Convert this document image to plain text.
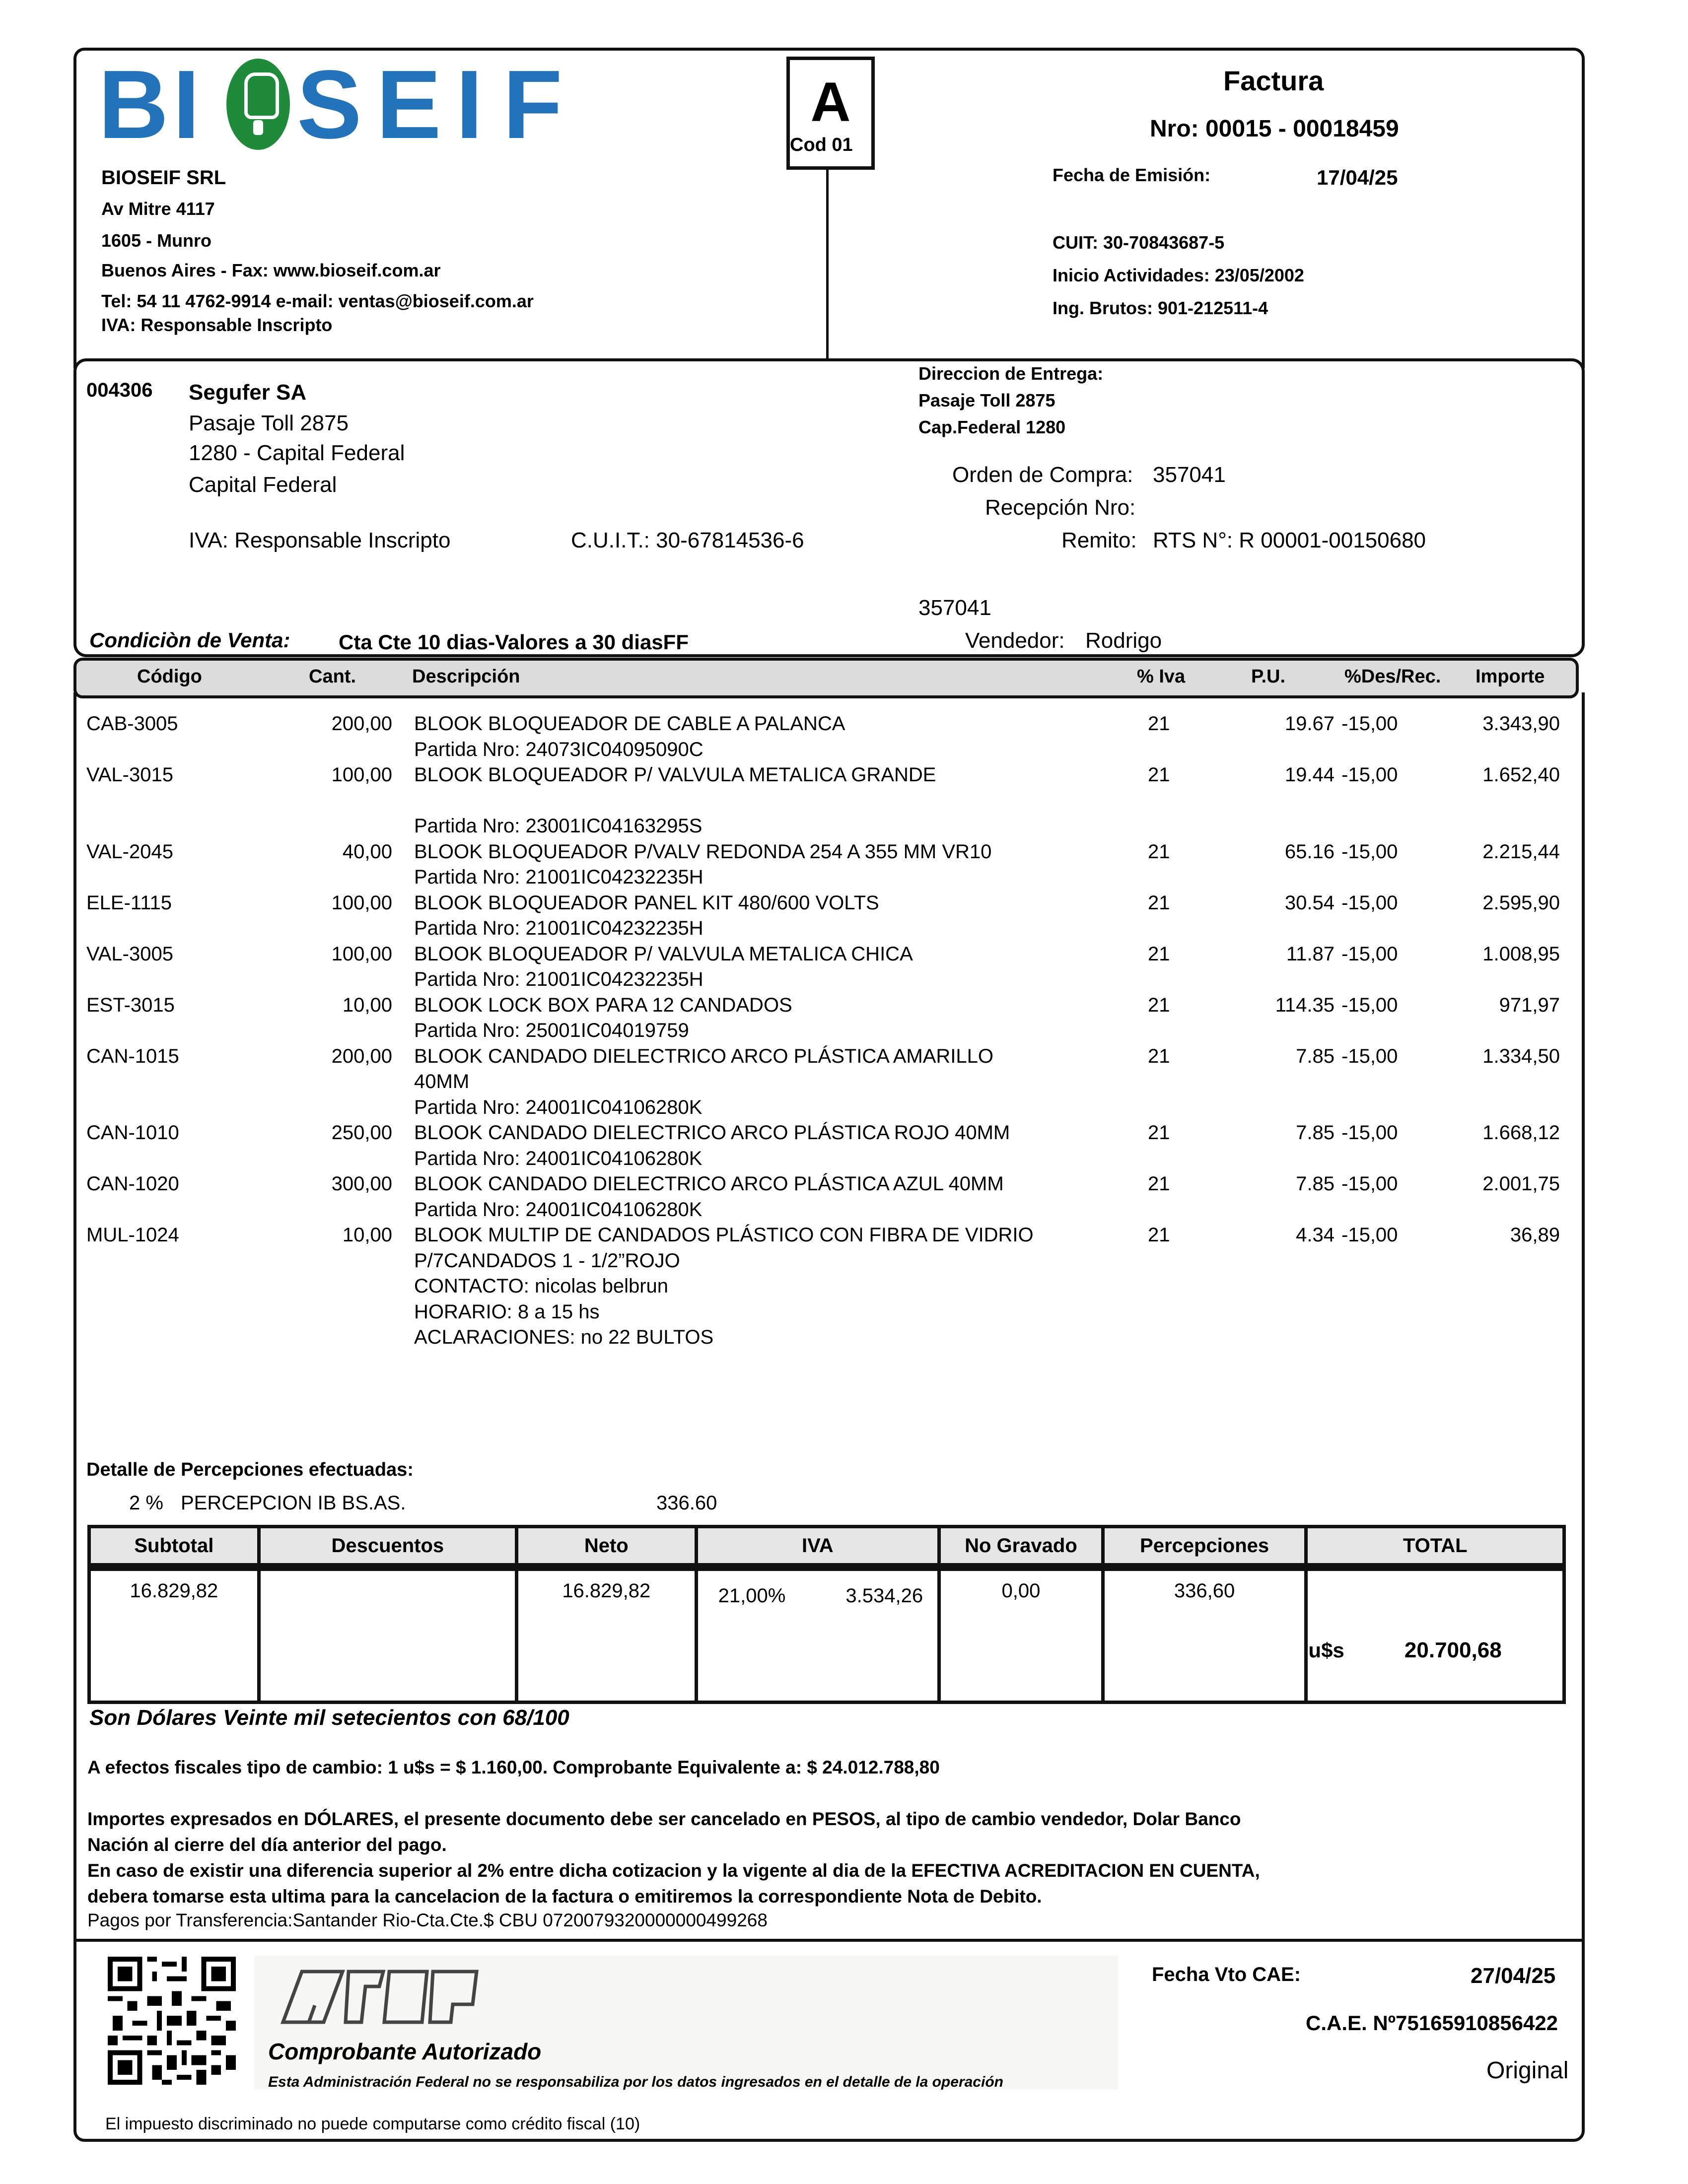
B I S E I F	A
Cod 01
BIOSEIF SRL
Av Mitre 4117
1605 - Munro
Buenos Aires - Fax: www.bioseif.com.ar
Tel: 54 11 4762-9914 e-mail: ventas@bioseif.com.ar
IVA: Responsable Inscripto
Factura
Nro: 00015 - 00018459
Fecha de Emisión:	17/04/25
CUIT: 30-70843687-5
Inicio Actividades: 23/05/2002
Ing. Brutos: 901-212511-4
004306 Segufer SA
Pasaje Toll 2875
1280 - Capital Federal
Capital Federal
IVA: Responsable Inscripto	C.U.I.T.: 30-67814536-6
Direccion de Entrega:
Pasaje Toll 2875
Cap.Federal 1280
Orden de Compra: 357041
Recepción Nro:
Remito: RTS N°: R 00001-00150680
357041
Vendedor: Rodrigo
Condiciòn de Venta: Cta Cte 10 dias-Valores a 30 diasFF
Código	Cant.	Descripción	% Iva	P.U.	%Des/Rec. Importe
CAB-3005	200,00 BLOOK BLOQUEADOR DE CABLE A PALANCA	21	19.67 -15,00	3.343,90
Partida Nro: 24073IC04095090C
VAL-3015	100,00 BLOOK BLOQUEADOR P/ VALVULA METALICA GRANDE	21	19.44 -15,00	1.652,40
Partida Nro: 23001IC04163295S
VAL-2045	40,00 BLOOK BLOQUEADOR P/VALV REDONDA 254 A 355 MM VR10	21	65.16 -15,00	2.215,44
Partida Nro: 21001IC04232235H
ELE-1115	100,00 BLOOK BLOQUEADOR PANEL KIT 480/600 VOLTS	21	30.54 -15,00	2.595,90
Partida Nro: 21001IC04232235H
VAL-3005	100,00 BLOOK BLOQUEADOR P/ VALVULA METALICA CHICA	21	11.87 -15,00	1.008,95
Partida Nro: 21001IC04232235H
EST-3015	10,00 BLOOK LOCK BOX PARA 12 CANDADOS	21	114.35 -15,00	971,97
Partida Nro: 25001IC04019759
CAN-1015	200,00 BLOOK CANDADO DIELECTRICO ARCO PLÁSTICA AMARILLO	21	7.85 -15,00	1.334,50
40MM
Partida Nro: 24001IC04106280K
CAN-1010	250,00 BLOOK CANDADO DIELECTRICO ARCO PLÁSTICA ROJO 40MM	21	7.85 -15,00	1.668,12
Partida Nro: 24001IC04106280K
CAN-1020	300,00 BLOOK CANDADO DIELECTRICO ARCO PLÁSTICA AZUL 40MM	21	7.85 -15,00	2.001,75
Partida Nro: 24001IC04106280K
MUL-1024	10,00 BLOOK MULTIP DE CANDADOS PLÁSTICO CON FIBRA DE VIDRIO	21	4.34 -15,00	36,89
P/7CANDADOS 1 - 1/2”ROJO
CONTACTO: nicolas belbrun
HORARIO: 8 a 15 hs
ACLARACIONES: no 22 BULTOS
Detalle de Percepciones efectuadas:
2 % PERCEPCION IB BS.AS.	336.60
Subtotal	Descuentos	Neto	IVA	No Gravado	Percepciones	TOTAL
16.829,82		16.829,82	21,00% 3.534,26	0,00	336,60	u$s 20.700,68
Son Dólares Veinte mil setecientos con 68/100
A efectos fiscales tipo de cambio: 1 u$s = $ 1.160,00. Comprobante Equivalente a: $ 24.012.788,80
Importes expresados en DÓLARES, el presente documento debe ser cancelado en PESOS, al tipo de cambio vendedor, Dolar Banco
Nación al cierre del día anterior del pago.
En caso de existir una diferencia superior al 2% entre dicha cotizacion y la vigente al dia de la EFECTIVA ACREDITACION EN CUENTA,
debera tomarse esta ultima para la cancelacion de la factura o emitiremos la correspondiente Nota de Debito.
Pagos por Transferencia:Santander Rio-Cta.Cte.$ CBU 0720079320000000499268
Comprobante Autorizado
Esta Administración Federal no se responsabiliza por los datos ingresados en el detalle de la operación
Fecha Vto CAE:	27/04/25
C.A.E. Nº75165910856422
Original
El impuesto discriminado no puede computarse como crédito fiscal (10)
